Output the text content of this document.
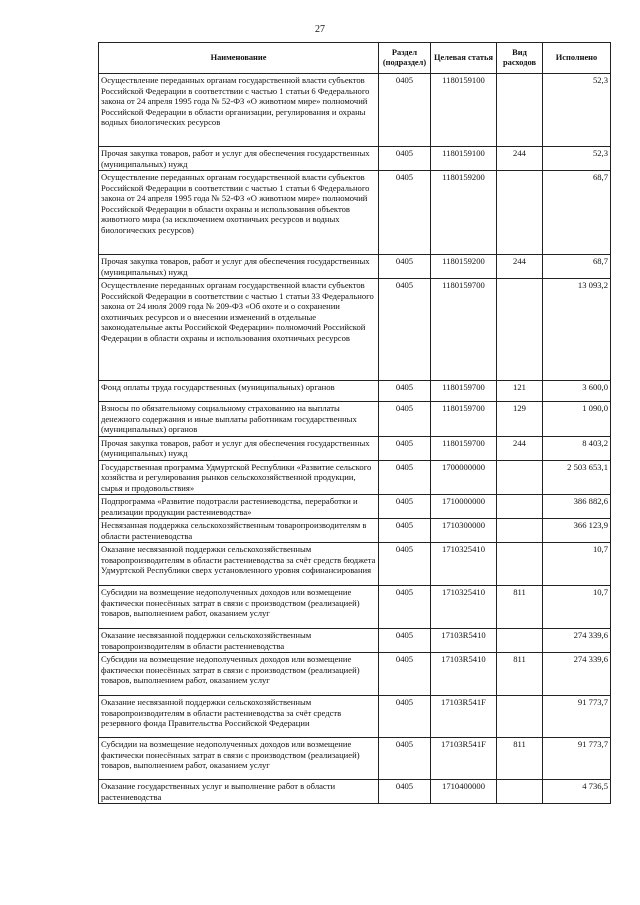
27
Наименование	Раздел (подраздел)	Целевая статья	Вид расходов	Исполнено
Осуществление переданных органам государственной власти субъектов Российской Федерации в соответствии с частью 1 статьи 6 Федерального закона от 24 апреля 1995 года № 52-ФЗ «О животном мире» полномочий Российской Федерации в области организации, регулирования и охраны водных биологических ресурсов	0405	1180159100		52,3
Прочая закупка товаров, работ и услуг для обеспечения государственных (муниципальных) нужд	0405	1180159100	244	52,3
Осуществление переданных органам государственной власти субъектов Российской Федерации в соответствии с частью 1 статьи 6 Федерального закона от 24 апреля 1995 года № 52-ФЗ «О животном мире» полномочий Российской Федерации в области охраны и использования объектов животного мира (за исключением охотничьих ресурсов и водных биологических ресурсов)	0405	1180159200		68,7
Прочая закупка товаров, работ и услуг для обеспечения государственных (муниципальных) нужд	0405	1180159200	244	68,7
Осуществление переданных органам государственной власти субъектов Российской Федерации в соответствии с частью 1 статьи 33 Федерального закона от 24 июля 2009 года № 209-ФЗ «Об охоте и о сохранении охотничьих ресурсов и о внесении изменений в отдельные законодательные акты Российской Федерации» полномочий Российской Федерации в области охраны и использования охотничьих ресурсов	0405	1180159700		13 093,2
Фонд оплаты труда государственных (муниципальных) органов	0405	1180159700	121	3 600,0
Взносы по обязательному социальному страхованию на выплаты денежного содержания и иные выплаты работникам государственных (муниципальных) органов	0405	1180159700	129	1 090,0
Прочая закупка товаров, работ и услуг для обеспечения государственных (муниципальных) нужд	0405	1180159700	244	8 403,2
Государственная программа Удмуртской Республики «Развитие сельского хозяйства и регулирования рынков сельскохозяйственной продукции, сырья и продовольствия»	0405	1700000000		2 503 653,1
Подпрограмма «Развитие подотрасли растениеводства, переработки и реализации продукции растениеводства»	0405	1710000000		386 882,6
Несвязанная поддержка сельскохозяйственным товаропроизводителям в области растениеводства	0405	1710300000		366 123,9
Оказание несвязанной поддержки сельскохозяйственным товаропроизводителям в области растениеводства за счёт средств бюджета Удмуртской Республики сверх установленного уровня софинансирования	0405	1710325410		10,7
Субсидии на возмещение недополученных доходов или возмещение фактически понесённых затрат в связи с производством (реализацией) товаров, выполнением работ, оказанием услуг	0405	1710325410	811	10,7
Оказание несвязанной поддержки сельскохозяйственным товаропроизводителям в области растениеводства	0405	17103R5410		274 339,6
Субсидии на возмещение недополученных доходов или возмещение фактически понесённых затрат в связи с производством (реализацией) товаров, выполнением работ, оказанием услуг	0405	17103R5410	811	274 339,6
Оказание несвязанной поддержки сельскохозяйственным товаропроизводителям в области растениеводства за счёт средств резервного фонда Правительства Российской Федерации	0405	17103R541F		91 773,7
Субсидии на возмещение недополученных доходов или возмещение фактически понесённых затрат в связи с производством (реализацией) товаров, выполнением работ, оказанием услуг	0405	17103R541F	811	91 773,7
Оказание государственных услуг и выполнение работ в области растениеводства	0405	1710400000		4 736,5
